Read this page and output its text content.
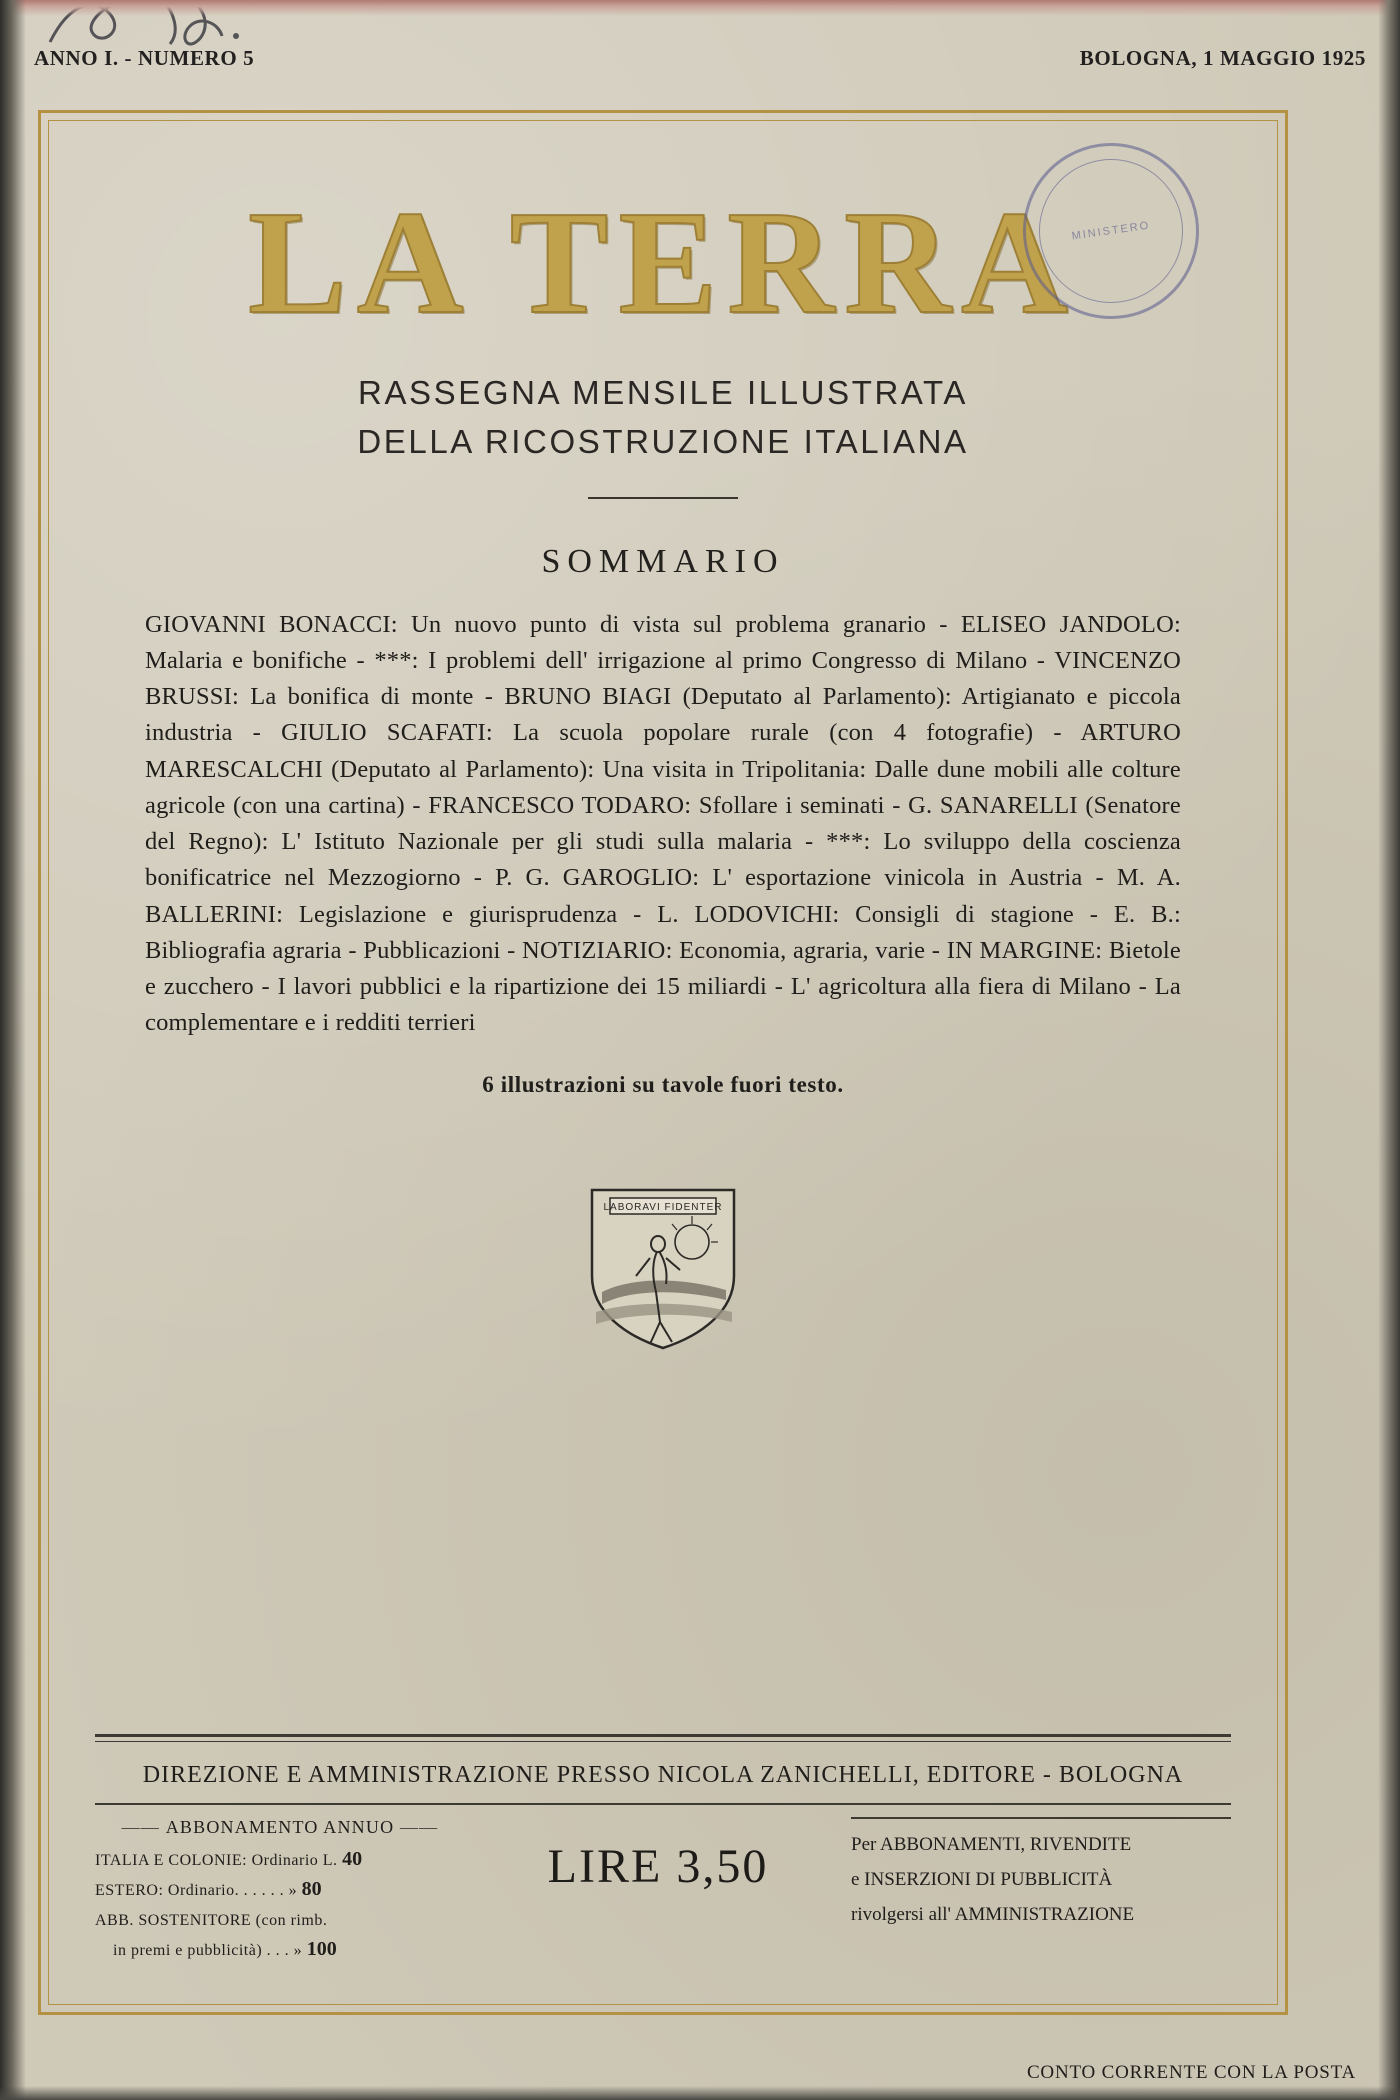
ANNO I. - NUMERO 5	BOLOGNA, 1 MAGGIO 1925
MINISTERO
LA TERRA
RASSEGNA MENSILE ILLUSTRATA
DELLA RICOSTRUZIONE ITALIANA
SOMMARIO
GIOVANNI BONACCI: Un nuovo punto di vista sul problema granario - ELISEO JANDOLO: Malaria e bonifiche - ***: I problemi dell' irrigazione al primo Congresso di Milano - VINCENZO BRUSSI: La bonifica di monte - BRUNO BIAGI (Deputato al Parlamento): Artigianato e piccola industria - GIULIO SCAFATI: La scuola popolare rurale (con 4 fotografie) - ARTURO MARESCALCHI (Deputato al Parlamento): Una visita in Tripolitania: Dalle dune mobili alle colture agricole (con una cartina) - FRANCESCO TODARO: Sfollare i seminati - G. SANARELLI (Senatore del Regno): L' Istituto Nazionale per gli studi sulla malaria - ***: Lo sviluppo della coscienza bonificatrice nel Mezzogiorno - P. G. GAROGLIO: L' esportazione vinicola in Austria - M. A. BALLERINI: Legislazione e giurisprudenza - L. LODOVICHI: Consigli di stagione - E. B.: Bibliografia agraria - Pubblicazioni - NOTIZIARIO: Economia, agraria, varie - IN MARGINE: Bietole e zucchero - I lavori pubblici e la ripartizione dei 15 miliardi - L' agricoltura alla fiera di Milano - La complementare e i redditi terrieri
6 illustrazioni su tavole fuori testo.
LABORAVI FIDENTER
DIREZIONE E AMMINISTRAZIONE PRESSO NICOLA ZANICHELLI, EDITORE - BOLOGNA
—— ABBONAMENTO ANNUO ——
ITALIA E COLONIE: Ordinario L. 40
ESTERO: Ordinario. . . . . . » 80
ABB. SOSTENITORE (con rimb.
in premi e pubblicità) . . . » 100
LIRE 3,50	Per ABBONAMENTI, RIVENDITE
e INSERZIONI DI PUBBLICITÀ
rivolgersi all' AMMINISTRAZIONE
CONTO CORRENTE CON LA POSTA
